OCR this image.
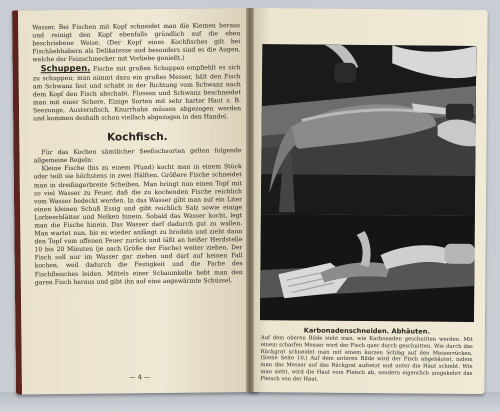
Wasser. Bei Fischen mit Kopf schneidet man die Kiemen heraus und reinigt den Kopf ebenfalls gründlich auf die eben beschriebene Weise. (Der Kopf eines Kochfisches gilt bei Fischliebhabern als Delikatesse und besonders sind es die Augen, welche der Feinschmecker mit Vorliebe genießt.)

Schuppen. Fische mit großen Schuppen empfiehlt es sich zu schuppen; man nimmt dazu ein großes Messer, hält den Fisch am Schwanz fest und schabt in der Richtung vom Schwanz nach dem Kopf den Fisch abschabt. Flossen und Schwanz beschneidet man mit einer Schere. Einige Sorten mit sehr harter Haut z. B. Seezunge, Austernfisch, Knurrhahn müssen abgezogen werden und kommen deshalb schon vielfach abgezogen in den Handel.

Kochfisch.

Für das Kochen sämtlicher Seefischsorten gelten folgende allgemeine Regeln:

Kleine Fische (bis zu einem Pfund) kocht man in einem Stück oder teilt sie höchstens in zwei Hälften. Größere Fische schneidet man in dreifingerbreite Scheiben. Man bringt nun einen Topf mit so viel Wasser zu Feuer, daß die zu kochenden Fische reichlich vom Wasser bedeckt werden. In das Wasser gibt man auf ein Liter einen kleinen Schuß Essig und gibt reichlich Salz sowie einige Lorbeerblätter und Nelken hinein. Sobald das Wasser kocht, legt man die Fische hinein. Das Wasser darf dadurch gut zu wallen. Man wartet nun, bis es wieder anfängt zu brodeln und zieht dann den Topf vom offenen Feuer zurück und läßt an heißer Herdstelle 10 bis 20 Minuten (je nach Größe der Fische) weiter ziehen. Der Fisch soll nur im Wasser gar ziehen und darf auf keinen Fall kochen, weil dadurch die Festigkeit und die Farbe des Fischfleisches leiden. Mittels einer Schaumkelle hebt man den garen Fisch heraus und gibt ihn auf eine angewärmte Schüssel.

— 4 —
Karbonadenschneiden. Abhäuten.
Auf dem oberen Bilde sieht man, wie Karbonaden geschnitten werden. Mit einem scharfen Messer wird der Fisch quer durch geschnitten. Wie durch das Rückgrat schneidet man mit einem kurzen Schlag auf den Messerrücken. (Siehe Seite 10.) Auf dem unteren Bilde wird der Fisch abgehäutet, indem man das Messer auf das Rückgrat aufsetzt und unter die Haut schiebt. Wie man sieht, wird die Haut vom Fleisch ab, sondern eigentlich umgekehrt das Fleisch von der Haut.
